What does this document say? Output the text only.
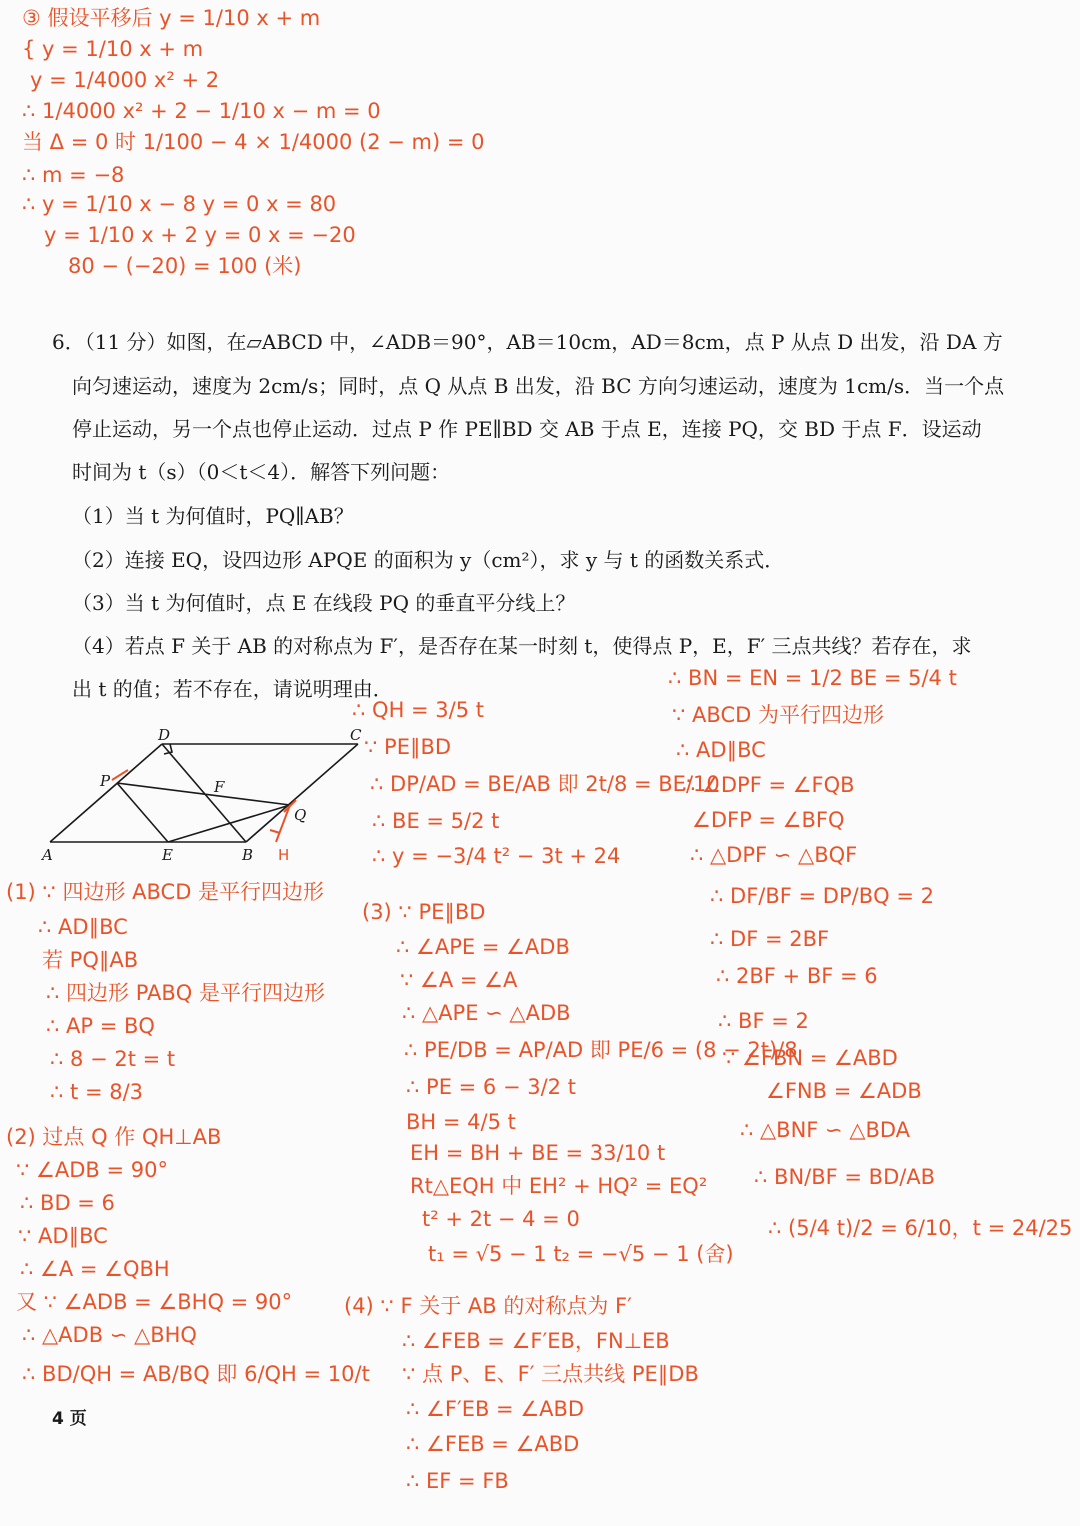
③ 假设平移后 y = 1/10 x + m
{ y = 1/10 x + m
y = 1/4000 x² + 2
∴ 1/4000 x² + 2 − 1/10 x − m = 0
当 Δ = 0 时 1/100 − 4 × 1/4000 (2 − m) = 0
∴ m = −8
∴ y = 1/10 x − 8 y = 0 x = 80
y = 1/10 x + 2 y = 0 x = −20
80 − (−20) = 100 (米)
6．（11 分）如图，在▱ABCD 中，∠ADB＝90°，AB＝10cm，AD＝8cm，点 P 从点 D 出发，沿 DA 方
向匀速运动，速度为 2cm/s；同时，点 Q 从点 B 出发，沿 BC 方向匀速运动，速度为 1cm/s．当一个点
停止运动，另一个点也停止运动．过点 P 作 PE∥BD 交 AB 于点 E，连接 PQ，交 BD 于点 F．设运动
时间为 t（s）（0＜t＜4）．解答下列问题：
（1）当 t 为何值时，PQ∥AB？
（2）连接 EQ，设四边形 APQE 的面积为 y（cm²），求 y 与 t 的函数关系式．
（3）当 t 为何值时，点 E 在线段 PQ 的垂直平分线上？
（4）若点 F 关于 AB 的对称点为 F′，是否存在某一时刻 t，使得点 P，E，F′ 三点共线？若存在，求
出 t 的值；若不存在，请说明理由．
D	C
P	F
Q
A	E	B H
(1) ∵ 四边形 ABCD 是平行四边形
∴ AD∥BC
若 PQ∥AB
∴ 四边形 PABQ 是平行四边形
∴ AP = BQ
∴ 8 − 2t = t
∴ t = 8/3
(2) 过点 Q 作 QH⊥AB
∵ ∠ADB = 90°
∴ BD = 6
∵ AD∥BC
∴ ∠A = ∠QBH
又 ∵ ∠ADB = ∠BHQ = 90°
∴ △ADB ∽ △BHQ
∴ BD/QH = AB/BQ 即 6/QH = 10/t
∴ QH = 3/5 t
∵ PE∥BD
∴ DP/AD = BE/AB 即 2t/8 = BE/10
∴ BE = 5/2 t
∴ y = −3/4 t² − 3t + 24
(3) ∵ PE∥BD
∴ ∠APE = ∠ADB
∵ ∠A = ∠A
∴ △APE ∽ △ADB
∴ PE/DB = AP/AD 即 PE/6 = (8 − 2t)/8
∴ PE = 6 − 3/2 t
BH = 4/5 t
EH = BH + BE = 33/10 t
Rt△EQH 中 EH² + HQ² = EQ²
t² + 2t − 4 = 0
t₁ = √5 − 1 t₂ = −√5 − 1 (舍)
(4) ∵ F 关于 AB 的对称点为 F′
∴ ∠FEB = ∠F′EB，FN⊥EB
∵ 点 P、E、F′ 三点共线 PE∥DB
∴ ∠F′EB = ∠ABD
∴ ∠FEB = ∠ABD
∴ EF = FB
∴ BN = EN = 1/2 BE = 5/4 t
∵ ABCD 为平行四边形
∴ AD∥BC
∴ ∠DPF = ∠FQB
∠DFP = ∠BFQ
∴ △DPF ∽ △BQF
∴ DF/BF = DP/BQ = 2
∴ DF = 2BF
∴ 2BF + BF = 6
∴ BF = 2
∵ ∠FBN = ∠ABD
∠FNB = ∠ADB
∴ △BNF ∽ △BDA
∴ BN/BF = BD/AB
∴ (5/4 t)/2 = 6/10，t = 24/25
4 页
